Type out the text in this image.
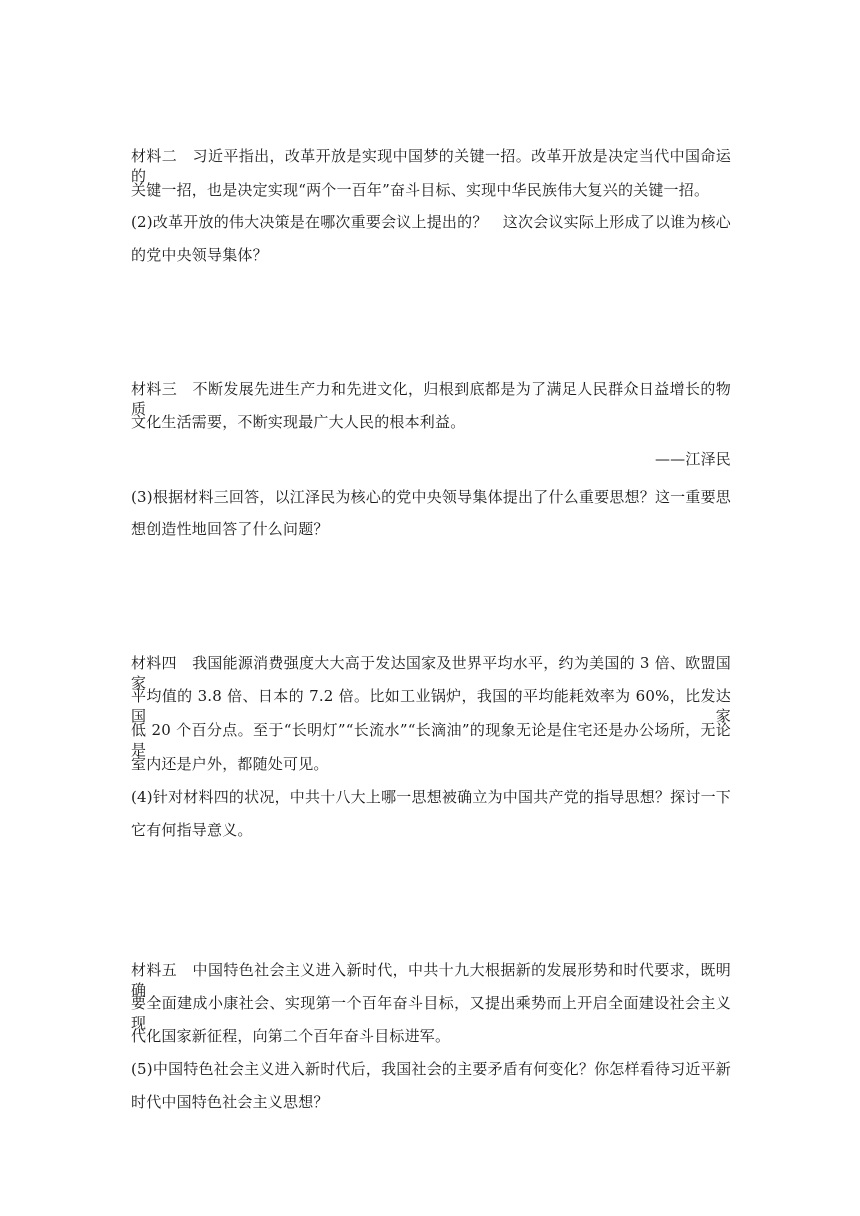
材料二　习近平指出，改革开放是实现中国梦的关键一招。改革开放是决定当代中国命运的
关键一招，也是决定实现“两个一百年”奋斗目标、实现中华民族伟大复兴的关键一招。
(2)改革开放的伟大决策是在哪次重要会议上提出的？　这次会议实际上形成了以谁为核心
的党中央领导集体？
材料三　不断发展先进生产力和先进文化，归根到底都是为了满足人民群众日益增长的物质
文化生活需要，不断实现最广大人民的根本利益。
——江泽民
(3)根据材料三回答，以江泽民为核心的党中央领导集体提出了什么重要思想？这一重要思
想创造性地回答了什么问题？
材料四　我国能源消费强度大大高于发达国家及世界平均水平，约为美国的 3 倍、欧盟国家
平均值的 3.8 倍、日本的 7.2 倍。比如工业锅炉，我国的平均能耗效率为 60%，比发达国家
低 20 个百分点。至于“长明灯”“长流水”“长滴油”的现象无论是住宅还是办公场所，无论是
室内还是户外，都随处可见。
(4)针对材料四的状况，中共十八大上哪一思想被确立为中国共产党的指导思想？探讨一下
它有何指导意义。
材料五　中国特色社会主义进入新时代，中共十九大根据新的发展形势和时代要求，既明确
要全面建成小康社会、实现第一个百年奋斗目标，又提出乘势而上开启全面建设社会主义现
代化国家新征程，向第二个百年奋斗目标进军。
(5)中国特色社会主义进入新时代后，我国社会的主要矛盾有何变化？你怎样看待习近平新
时代中国特色社会主义思想？
